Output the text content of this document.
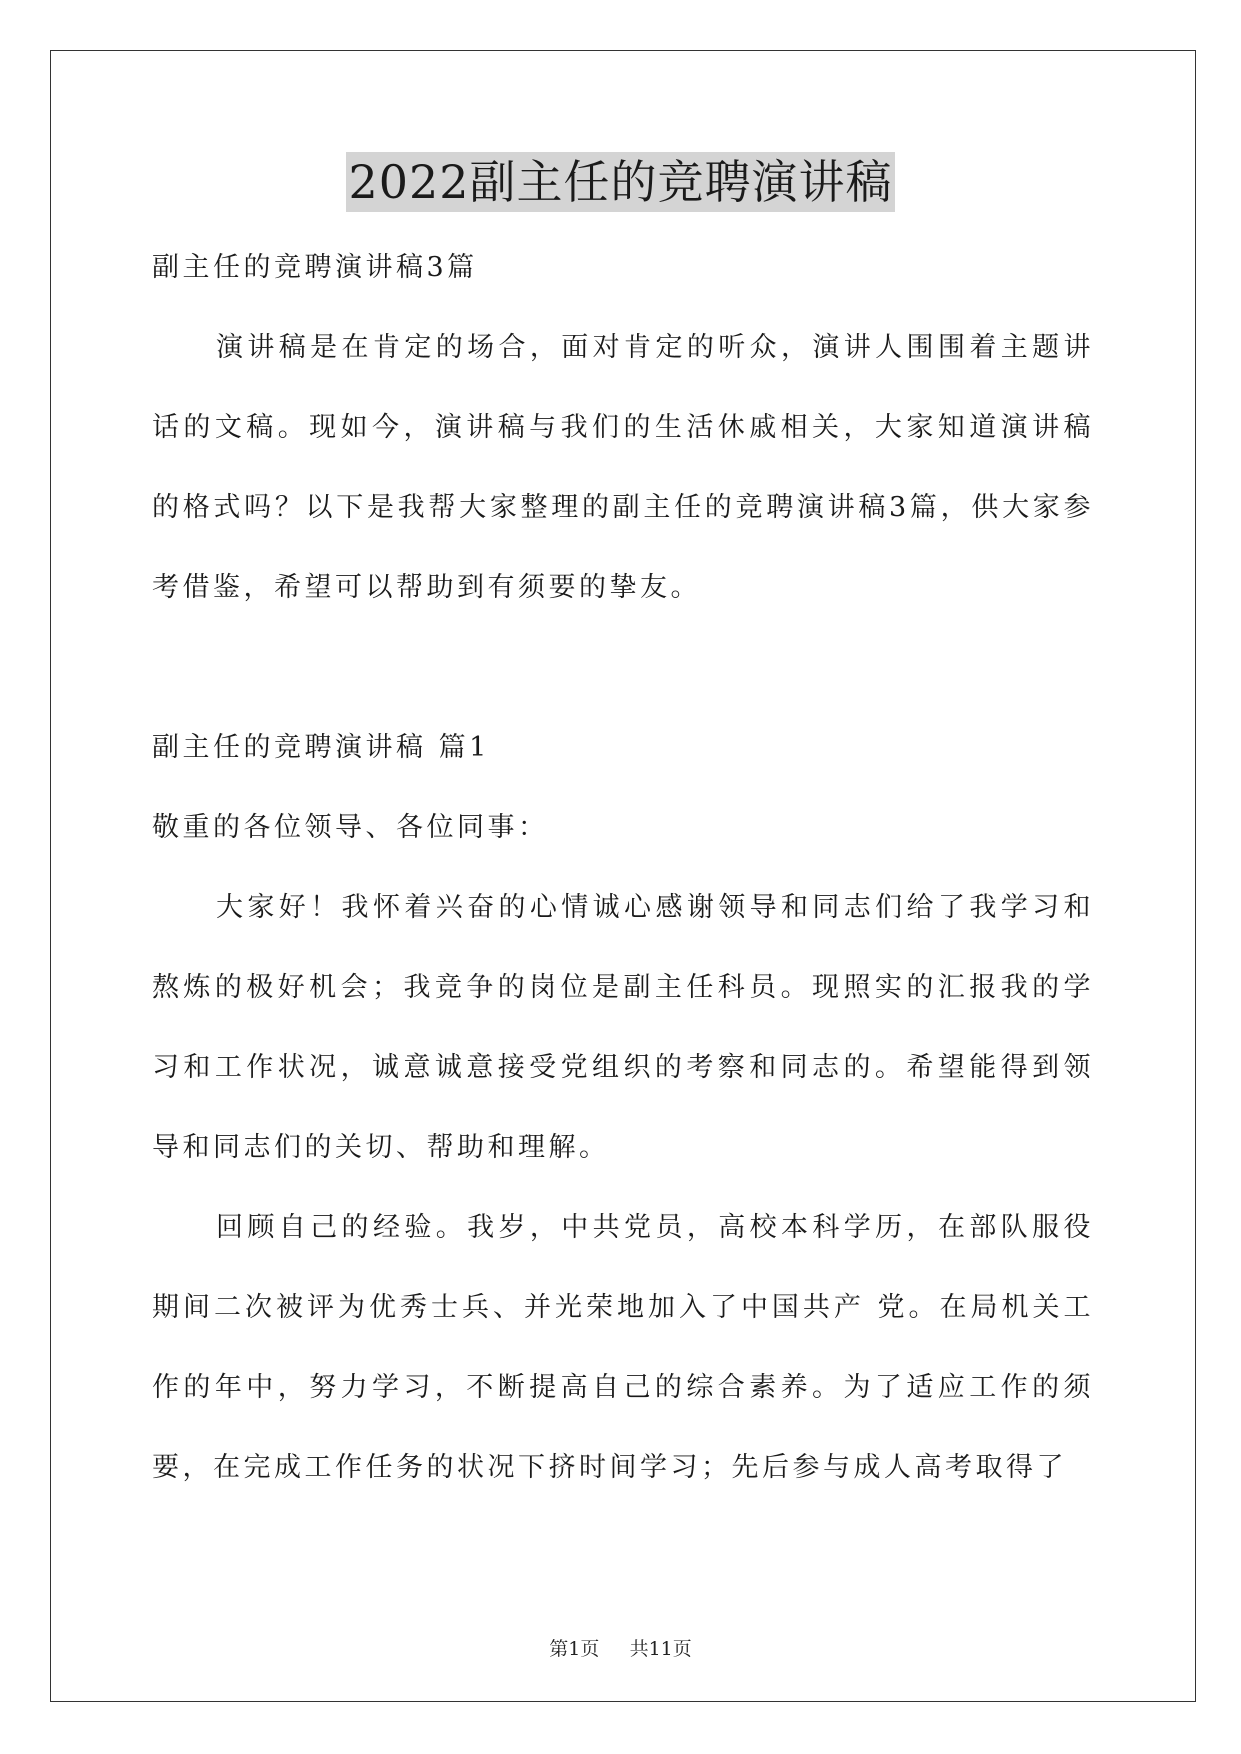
2022副主任的竞聘演讲稿

副主任的竞聘演讲稿3篇

演讲稿是在肯定的场合，面对肯定的听众，演讲人围围着主题讲话的文稿。现如今，演讲稿与我们的生活休戚相关，大家知道演讲稿的格式吗？以下是我帮大家整理的副主任的竞聘演讲稿3篇，供大家参考借鉴，希望可以帮助到有须要的挚友。

副主任的竞聘演讲稿 篇1

敬重的各位领导、各位同事：

大家好！我怀着兴奋的心情诚心感谢领导和同志们给了我学习和熬炼的极好机会；我竞争的岗位是副主任科员。现照实的汇报我的学习和工作状况，诚意诚意接受党组织的考察和同志的。希望能得到领导和同志们的关切、帮助和理解。

回顾自己的经验。我岁，中共党员，高校本科学历，在部队服役期间二次被评为优秀士兵、并光荣地加入了中国共产 党。在局机关工作的年中，努力学习，不断提高自己的综合素养。为了适应工作的须要，在完成工作任务的状况下挤时间学习；先后参与成人高考取得了

第1页 共11页
